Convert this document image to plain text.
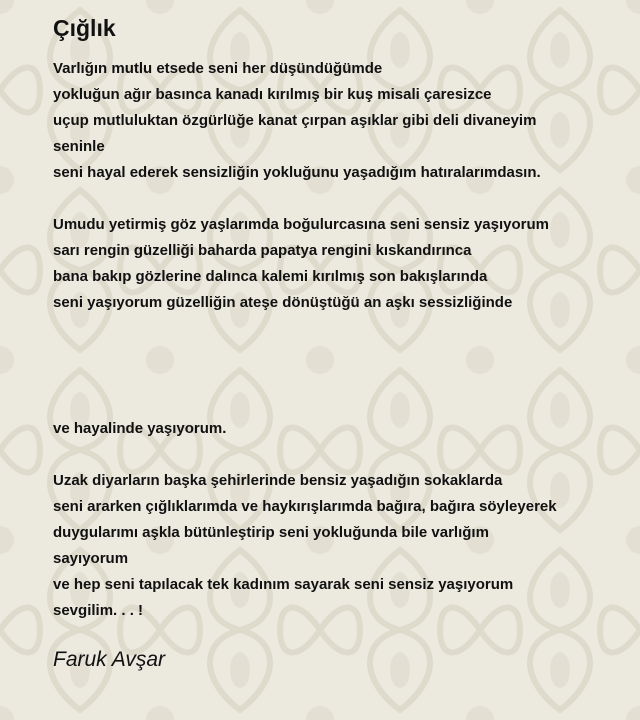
Çığlık
Varlığın mutlu etsede seni her düşündüğümde
yokluğun ağır basınca kanadı kırılmış bir kuş misali çaresizce
uçup mutluluktan özgürlüğe kanat çırpan aşıklar gibi deli divaneyim
seninle
seni hayal ederek sensizliğin yokluğunu yaşadığım hatıralarımdasın.
Umudu yetirmiş göz yaşlarımda boğulurcasına seni sensiz yaşıyorum
sarı rengin güzelliği baharda papatya rengini kıskandırınca
bana bakıp gözlerine dalınca kalemi kırılmış son bakışlarında
seni yaşıyorum güzelliğin ateşe dönüştüğü an aşkı sessizliğinde
ve hayalinde yaşıyorum.
Uzak diyarların başka şehirlerinde bensiz yaşadığın sokaklarda
seni ararken çığlıklarımda ve haykırışlarımda bağıra, bağıra söyleyerek
duygularımı aşkla bütünleştirip seni yokluğunda bile varlığım
sayıyorum
ve hep seni tapılacak tek kadınım sayarak seni sensiz yaşıyorum
sevgilim. . . !
Faruk Avşar
